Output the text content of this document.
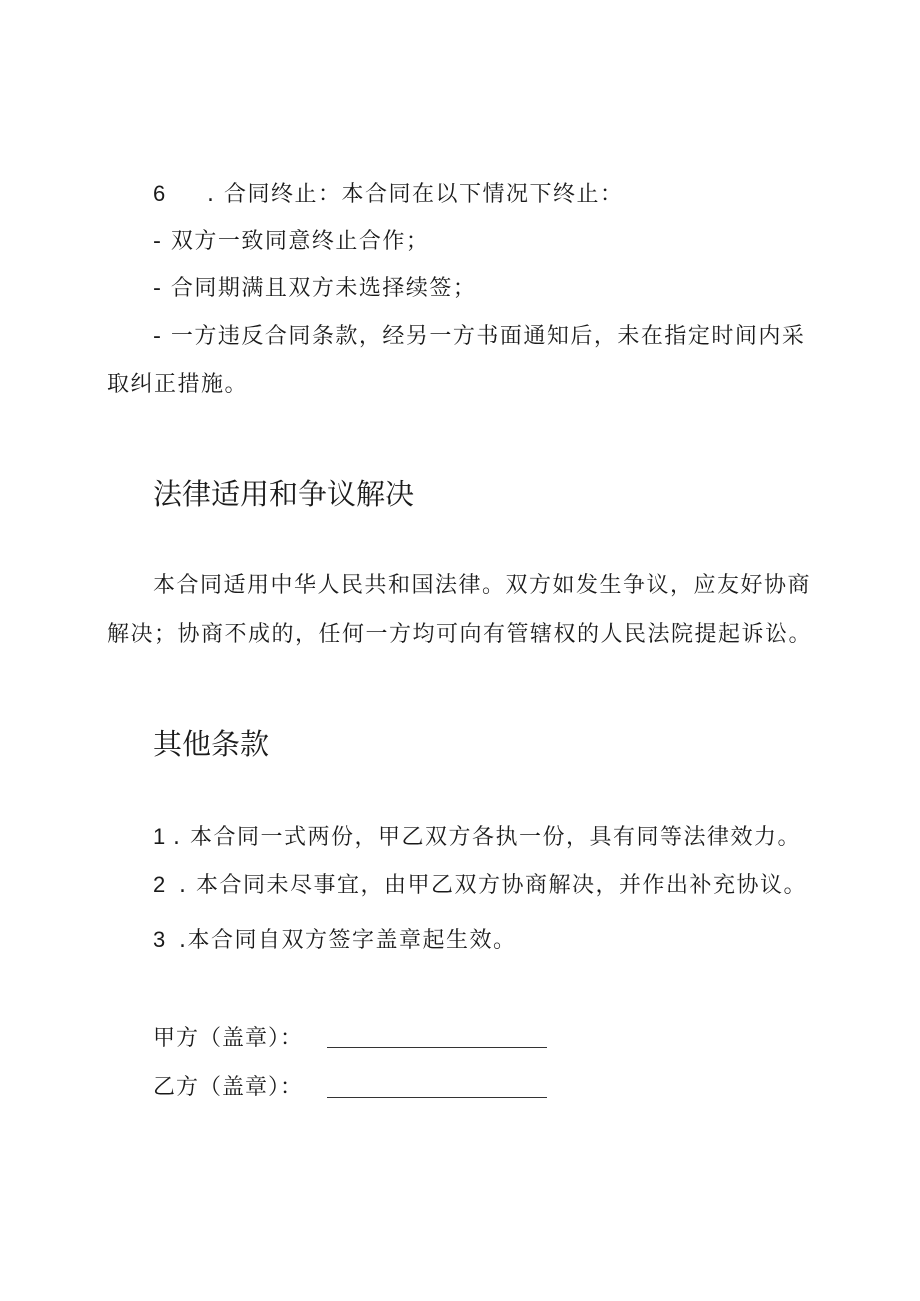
6 . 合同终止：本合同在以下情况下终止：
- 双方一致同意终止合作；
- 合同期满且双方未选择续签；
- 一方违反合同条款，经另一方书面通知后，未在指定时间内采
取纠正措施。
法律适用和争议解决
本合同适用中华人民共和国法律。双方如发生争议，应友好协商
解决；协商不成的，任何一方均可向有管辖权的人民法院提起诉讼。
其他条款
1 . 本合同一式两份，甲乙双方各执一份，具有同等法律效力。
2 . 本合同未尽事宜，由甲乙双方协商解决，并作出补充协议。
3 .本合同自双方签字盖章起生效。
甲方（盖章）：
乙方（盖章）：
